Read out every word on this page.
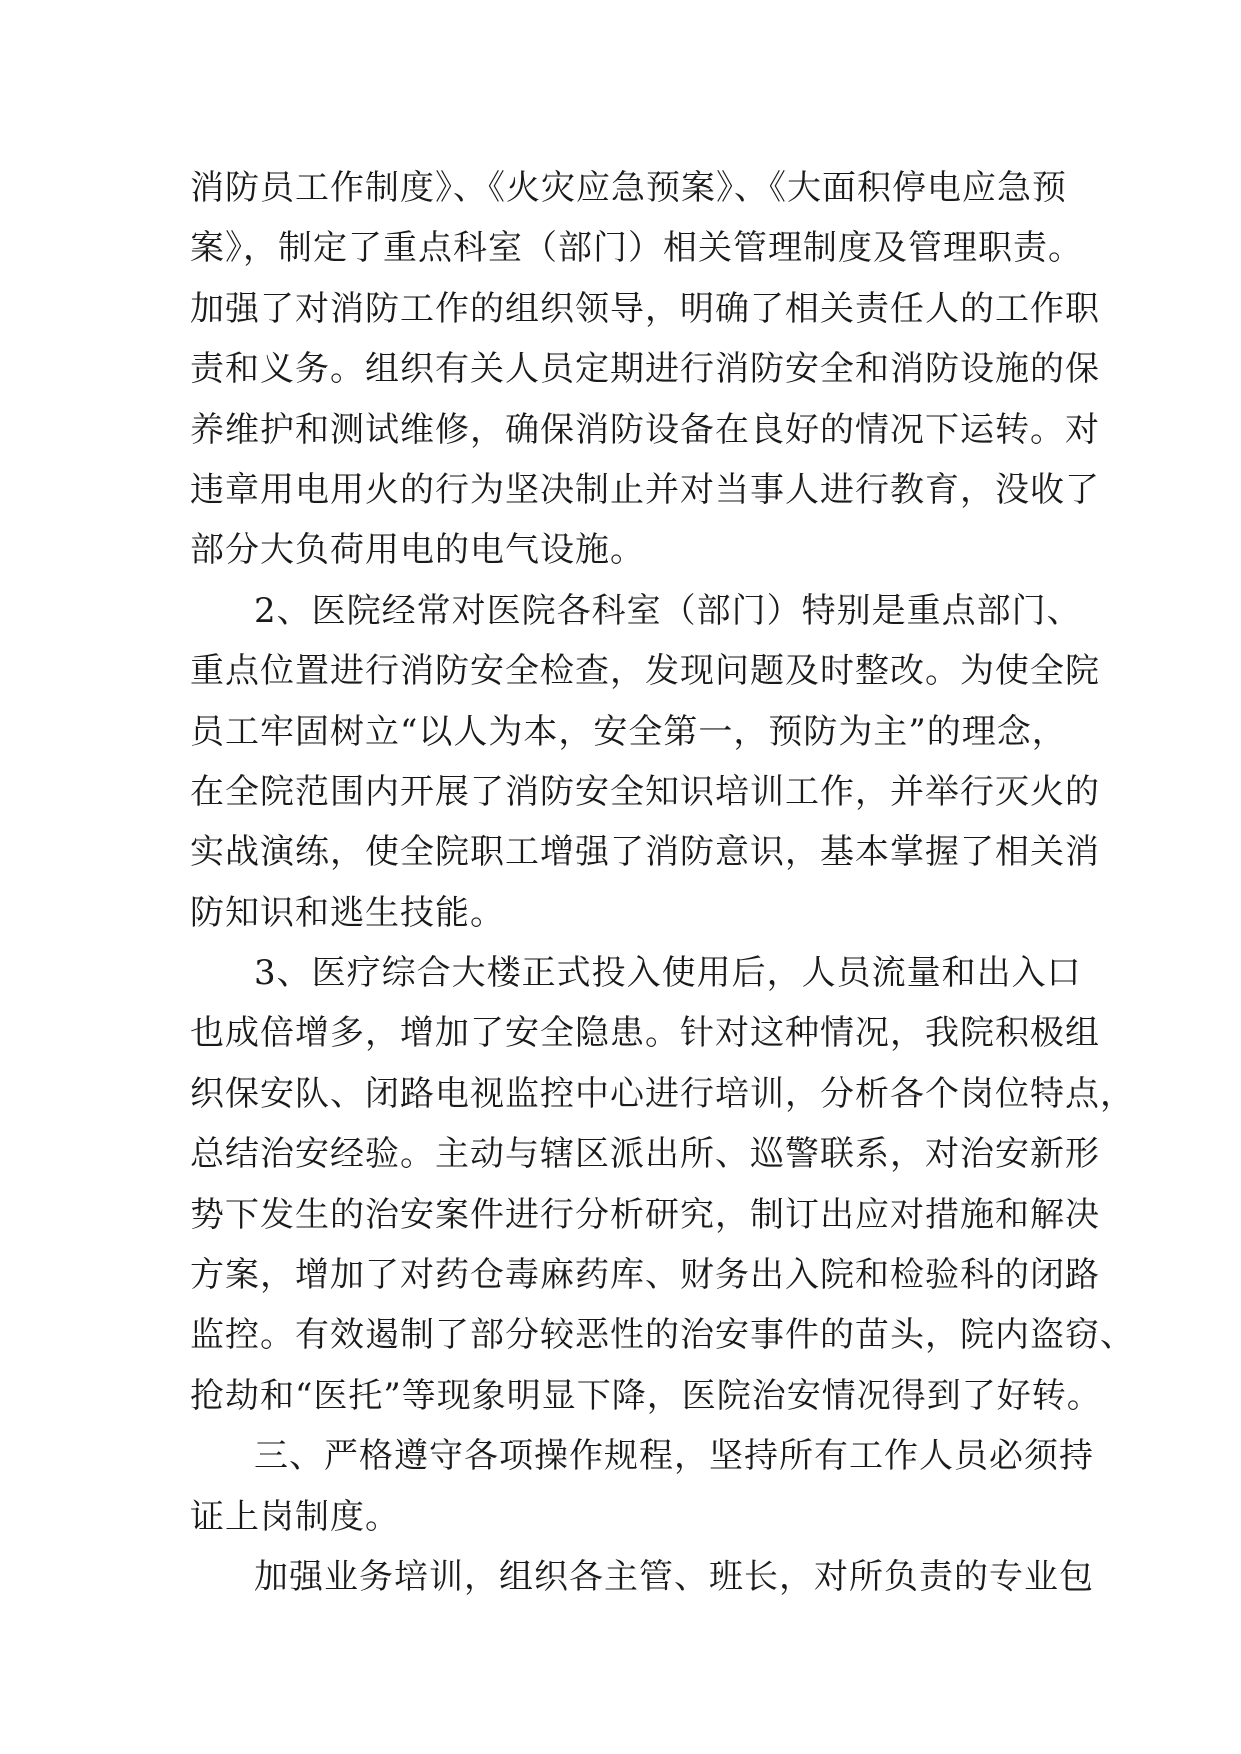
消防员工作制度》、《火灾应急预案》、《大面积停电应急预
案》，制定了重点科室（部门）相关管理制度及管理职责。
加强了对消防工作的组织领导，明确了相关责任人的工作职
责和义务。组织有关人员定期进行消防安全和消防设施的保
养维护和测试维修，确保消防设备在良好的情况下运转。对
违章用电用火的行为坚决制止并对当事人进行教育，没收了
部分大负荷用电的电气设施。
2、医院经常对医院各科室（部门）特别是重点部门、
重点位置进行消防安全检查，发现问题及时整改。为使全院
员工牢固树立“以人为本，安全第一，预防为主”的理念，
在全院范围内开展了消防安全知识培训工作，并举行灭火的
实战演练，使全院职工增强了消防意识，基本掌握了相关消
防知识和逃生技能。
3、医疗综合大楼正式投入使用后，人员流量和出入口
也成倍增多，增加了安全隐患。针对这种情况，我院积极组
织保安队、闭路电视监控中心进行培训，分析各个岗位特点，
总结治安经验。主动与辖区派出所、巡警联系，对治安新形
势下发生的治安案件进行分析研究，制订出应对措施和解决
方案，增加了对药仓毒麻药库、财务出入院和检验科的闭路
监控。有效遏制了部分较恶性的治安事件的苗头，院内盗窃、
抢劫和“医托”等现象明显下降，医院治安情况得到了好转。
三、严格遵守各项操作规程，坚持所有工作人员必须持
证上岗制度。
加强业务培训，组织各主管、班长，对所负责的专业包
